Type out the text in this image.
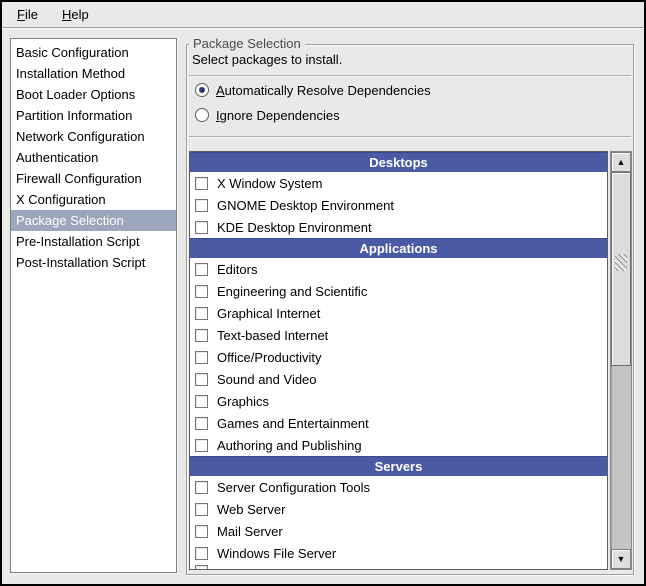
File	Help
Basic Configuration
Installation Method
Boot Loader Options
Partition Information
Network Configuration
Authentication
Firewall Configuration
X Configuration
Package Selection
Pre-Installation Script
Post-Installation Script
Package Selection
Select packages to install.
Automatically Resolve Dependencies
Ignore Dependencies
Desktops
X Window System
GNOME Desktop Environment
KDE Desktop Environment
Applications
Editors
Engineering and Scientific
Graphical Internet
Text-based Internet
Office/Productivity
Sound and Video
Graphics
Games and Entertainment
Authoring and Publishing
Servers
Server Configuration Tools
Web Server
Mail Server
Windows File Server
▲
▼
